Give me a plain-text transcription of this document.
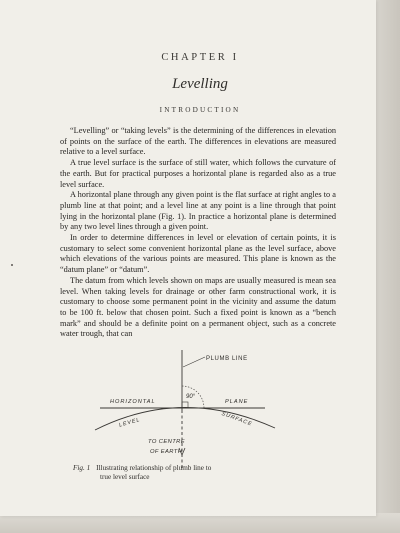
CHAPTER I
Levelling
INTRODUCTION

“Levelling” or “taking levels” is the determining of the differences in elevation of points on the surface of the earth. The differences in elevations are measured relative to a level surface.

A true level surface is the surface of still water, which follows the curvature of the earth. But for practical purposes a horizontal plane is regarded also as a true level surface.

A horizontal plane through any given point is the flat surface at right angles to a plumb line at that point; and a level line at any point is a line through that point lying in the horizontal plane (Fig. 1). In practice a horizontal plane is determined by any two level lines through a given point.

In order to determine differences in level or elevation of certain points, it is customary to select some convenient horizontal plane as the level surface, above which elevations of the various points are measured. This plane is known as the “datum plane” or “datum”.

The datum from which levels shown on maps are usually measured is mean sea level. When taking levels for drainage or other farm constructional work, it is customary to choose some permanent point in the vicinity and assume the datum to be 100 ft. below that chosen point. Such a fixed point is known as a “bench mark” and should be a definite point on a permanent object, such as a concrete water trough, that can

PLUMB LINE
HORIZONTAL	PLANE
LEVEL	SURFACE
90°
TO CENTRE
OF EARTH
Fig. 1 Illustrating relationship of plumb line to
true level surface
